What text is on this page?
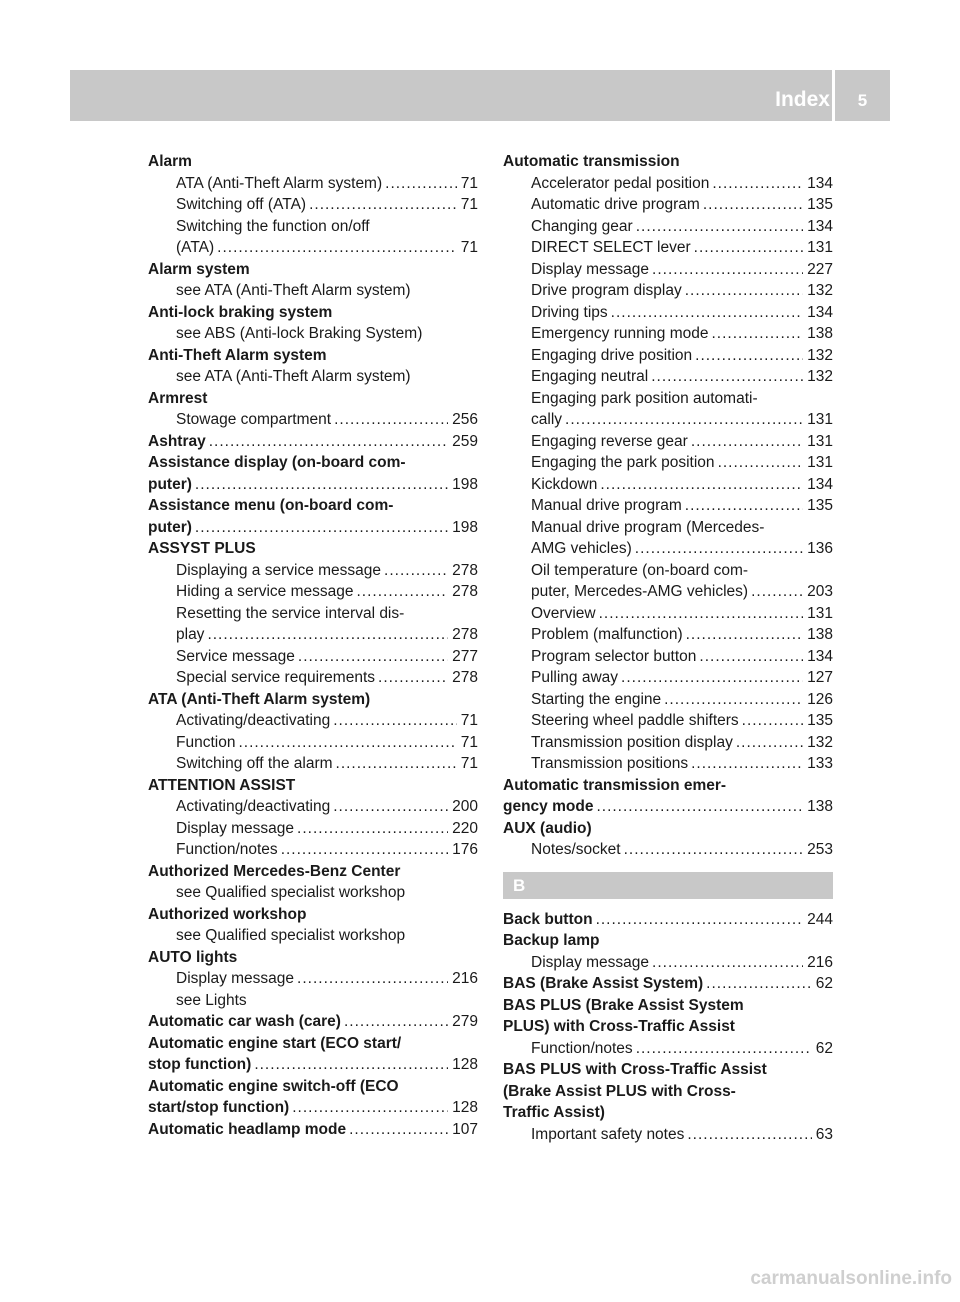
Index	5
Alarm
ATA (Anti-Theft Alarm system) .....	71
Switching off (ATA) .....	71
Switching the function on/off
(ATA) .....	71
Alarm system
see ATA (Anti-Theft Alarm system)
Anti-lock braking system
see ABS (Anti-lock Braking System)
Anti-Theft Alarm system
see ATA (Anti-Theft Alarm system)
Armrest
Stowage compartment .....	256
Ashtray .....	259
Assistance display (on-board com-
puter) .....	198
Assistance menu (on-board com-
puter) .....	198
ASSYST PLUS
Displaying a service message .....	278
Hiding a service message .....	278
Resetting the service interval dis-
play .....	278
Service message .....	277
Special service requirements .....	278
ATA (Anti-Theft Alarm system)
Activating/deactivating .....	71
Function .....	71
Switching off the alarm .....	71
ATTENTION ASSIST
Activating/deactivating .....	200
Display message .....	220
Function/notes .....	176
Authorized Mercedes-Benz Center
see Qualified specialist workshop
Authorized workshop
see Qualified specialist workshop
AUTO lights
Display message .....	216
see Lights
Automatic car wash (care) .....	279
Automatic engine start (ECO start/
stop function) .....	128
Automatic engine switch-off (ECO
start/stop function) .....	128
Automatic headlamp mode .....	107
Automatic transmission
Accelerator pedal position .....	134
Automatic drive program .....	135
Changing gear .....	134
DIRECT SELECT lever .....	131
Display message .....	227
Drive program display .....	132
Driving tips .....	134
Emergency running mode .....	138
Engaging drive position .....	132
Engaging neutral .....	132
Engaging park position automati-
cally .....	131
Engaging reverse gear .....	131
Engaging the park position .....	131
Kickdown .....	134
Manual drive program .....	135
Manual drive program (Mercedes-
AMG vehicles) .....	136
Oil temperature (on-board com-
puter, Mercedes-AMG vehicles) .....	203
Overview .....	131
Problem (malfunction) .....	138
Program selector button .....	134
Pulling away .....	127
Starting the engine .....	126
Steering wheel paddle shifters .....	135
Transmission position display .....	132
Transmission positions .....	133
Automatic transmission emer-
gency mode .....	138
AUX (audio)
Notes/socket .....	253
B
Back button .....	244
Backup lamp
Display message .....	216
BAS (Brake Assist System) .....	62
BAS PLUS (Brake Assist System
PLUS) with Cross-Traffic Assist
Function/notes .....	62
BAS PLUS with Cross-Traffic Assist
(Brake Assist PLUS with Cross-
Traffic Assist)
Important safety notes .....	63
carmanualsonline.info
